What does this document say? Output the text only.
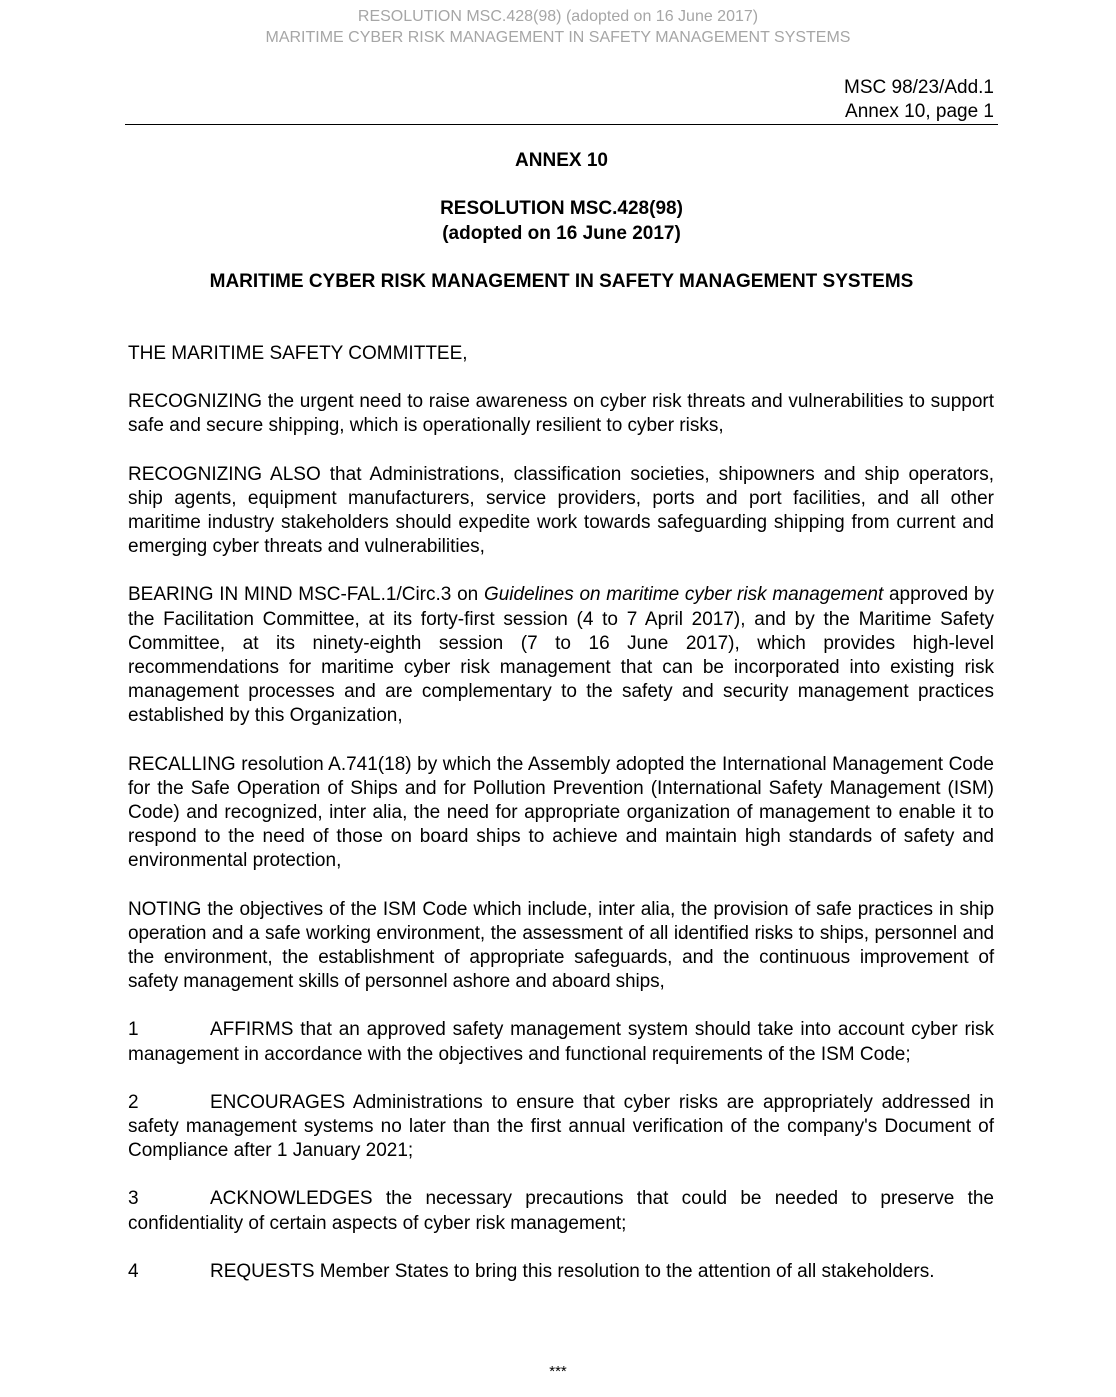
RESOLUTION MSC.428(98) (adopted on 16 June 2017)
MARITIME CYBER RISK MANAGEMENT IN SAFETY MANAGEMENT SYSTEMS
MSC 98/23/Add.1
Annex 10, page 1
ANNEX 10
RESOLUTION MSC.428(98)
(adopted on 16 June 2017)
MARITIME CYBER RISK MANAGEMENT IN SAFETY MANAGEMENT SYSTEMS

THE MARITIME SAFETY COMMITTEE,

RECOGNIZING the urgent need to raise awareness on cyber risk threats and vulnerabilities to support safe and secure shipping, which is operationally resilient to cyber risks,

RECOGNIZING ALSO that Administrations, classification societies, shipowners and ship operators, ship agents, equipment manufacturers, service providers, ports and port facilities, and all other maritime industry stakeholders should expedite work towards safeguarding shipping from current and emerging cyber threats and vulnerabilities,

BEARING IN MIND MSC-FAL.1/Circ.3 on Guidelines on maritime cyber risk management approved by the Facilitation Committee, at its forty-first session (4 to 7 April 2017), and by the Maritime Safety Committee, at its ninety-eighth session (7 to 16 June 2017), which provides high-level recommendations for maritime cyber risk management that can be incorporated into existing risk management processes and are complementary to the safety and security management practices established by this Organization,

RECALLING resolution A.741(18) by which the Assembly adopted the International Management Code for the Safe Operation of Ships and for Pollution Prevention (International Safety Management (ISM) Code) and recognized, inter alia, the need for appropriate organization of management to enable it to respond to the need of those on board ships to achieve and maintain high standards of safety and environmental protection,

NOTING the objectives of the ISM Code which include, inter alia, the provision of safe practices in ship operation and a safe working environment, the assessment of all identified risks to ships, personnel and the environment, the establishment of appropriate safeguards, and the continuous improvement of safety management skills of personnel ashore and aboard ships,

1	AFFIRMS that an approved safety management system should take into account cyber risk management in accordance with the objectives and functional requirements of the ISM Code;

2	ENCOURAGES Administrations to ensure that cyber risks are appropriately addressed in safety management systems no later than the first annual verification of the company's Document of Compliance after 1 January 2021;

3	ACKNOWLEDGES the necessary precautions that could be needed to preserve the confidentiality of certain aspects of cyber risk management;

4	REQUESTS Member States to bring this resolution to the attention of all stakeholders.

***
